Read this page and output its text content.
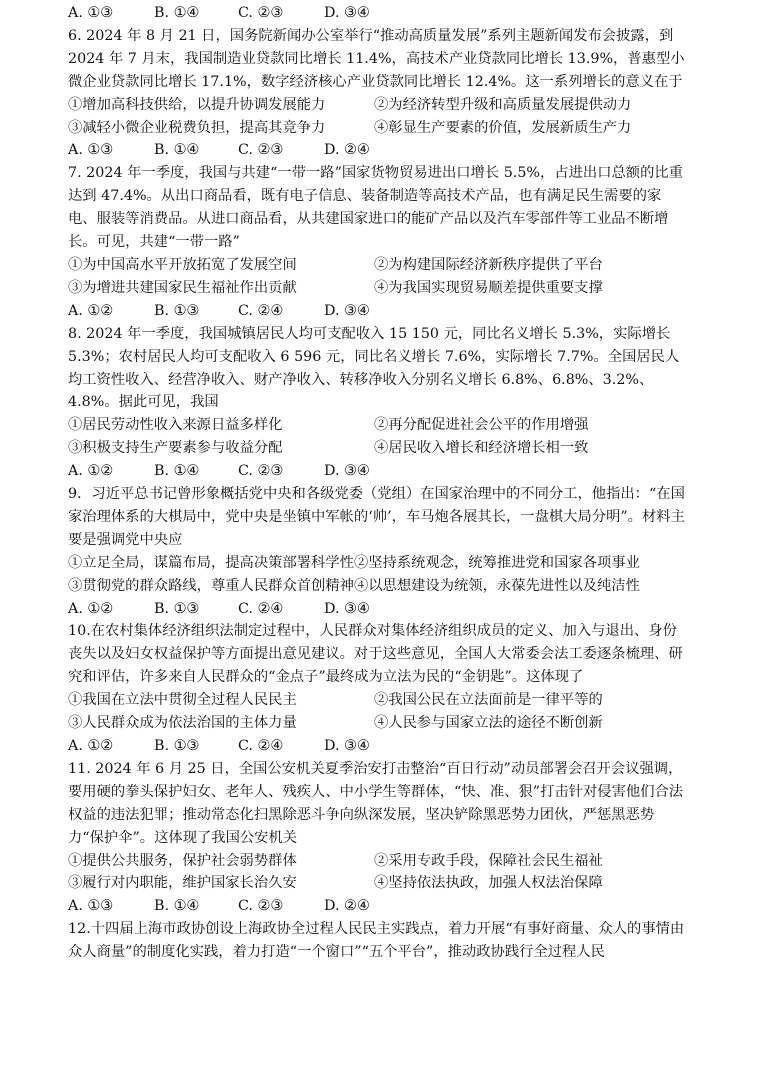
A. ①③	B. ①④	C. ②③	D. ③④
6. 2024 年 8 月 21 日，国务院新闻办公室举行“推动高质量发展”系列主题新闻发布会披露，到 2024 年 7 月末，我国制造业贷款同比增长 11.4%，高技术产业贷款同比增长 13.9%，普惠型小微企业贷款同比增长 17.1%，数字经济核心产业贷款同比增长 12.4%。这一系列增长的意义在于
①增加高科技供给，以提升协调发展能力	②为经济转型升级和高质量发展提供动力
③减轻小微企业税费负担，提高其竞争力	④彰显生产要素的价值，发展新质生产力
A. ①③	B. ①④	C. ②③	D. ②④
7. 2024 年一季度，我国与共建“一带一路”国家货物贸易进出口增长 5.5%，占进出口总额的比重达到 47.4%。从出口商品看，既有电子信息、装备制造等高技术产品，也有满足民生需要的家电、服装等消费品。从进口商品看，从共建国家进口的能矿产品以及汽车零部件等工业品不断增长。可见，共建“一带一路”
①为中国高水平开放拓宽了发展空间	②为构建国际经济新秩序提供了平台
③为增进共建国家民生福祉作出贡献	④为我国实现贸易顺差提供重要支撑
A. ①②	B. ①③	C. ②④	D. ③④
8. 2024 年一季度，我国城镇居民人均可支配收入 15 150 元，同比名义增长 5.3%，实际增长 5.3%；农村居民人均可支配收入 6 596 元，同比名义增长 7.6%，实际增长 7.7%。全国居民人均工资性收入、经营净收入、财产净收入、转移净收入分别名义增长 6.8%、6.8%、3.2%、4.8%。据此可见，我国
①居民劳动性收入来源日益多样化	②再分配促进社会公平的作用增强
③积极支持生产要素参与收益分配	④居民收入增长和经济增长相一致
A. ①②	B. ①④	C. ②③	D. ③④
9．习近平总书记曾形象概括党中央和各级党委（党组）在国家治理中的不同分工，他指出：“在国家治理体系的大棋局中，党中央是坐镇中军帐的‘帅’，车马炮各展其长，一盘棋大局分明”。材料主要是强调党中央应
①立足全局，谋篇布局，提高决策部署科学性②坚持系统观念，统筹推进党和国家各项事业
③贯彻党的群众路线，尊重人民群众首创精神④以思想建设为统领，永葆先进性以及纯洁性
A. ①②	B. ①③	C. ②④	D. ③④
10.在农村集体经济组织法制定过程中，人民群众对集体经济组织成员的定义、加入与退出、身份丧失以及妇女权益保护等方面提出意见建议。对于这些意见，全国人大常委会法工委逐条梳理、研究和评估，许多来自人民群众的“金点子”最终成为立法为民的“金钥匙”。这体现了
①我国在立法中贯彻全过程人民民主	②我国公民在立法面前是一律平等的
③人民群众成为依法治国的主体力量	④人民参与国家立法的途径不断创新
A. ①②	B. ①③	C. ②④	D. ③④
11. 2024 年 6 月 25 日，全国公安机关夏季治安打击整治“百日行动”动员部署会召开会议强调，要用硬的拳头保护妇女、老年人、残疾人、中小学生等群体，“快、准、狠”打击针对侵害他们合法权益的违法犯罪；推动常态化扫黑除恶斗争向纵深发展，坚决铲除黑恶势力团伙，严惩黑恶势力“保护伞”。这体现了我国公安机关
①提供公共服务，保护社会弱势群体	②采用专政手段，保障社会民生福祉
③履行对内职能，维护国家长治久安	④坚持依法执政，加强人权法治保障
A. ①③	B. ①④	C. ②③	D. ②④
12.十四届上海市政协创设上海政协全过程人民民主实践点，着力开展“有事好商量、众人的事情由众人商量”的制度化实践，着力打造“一个窗口”“五个平台”，推动政协践行全过程人民
